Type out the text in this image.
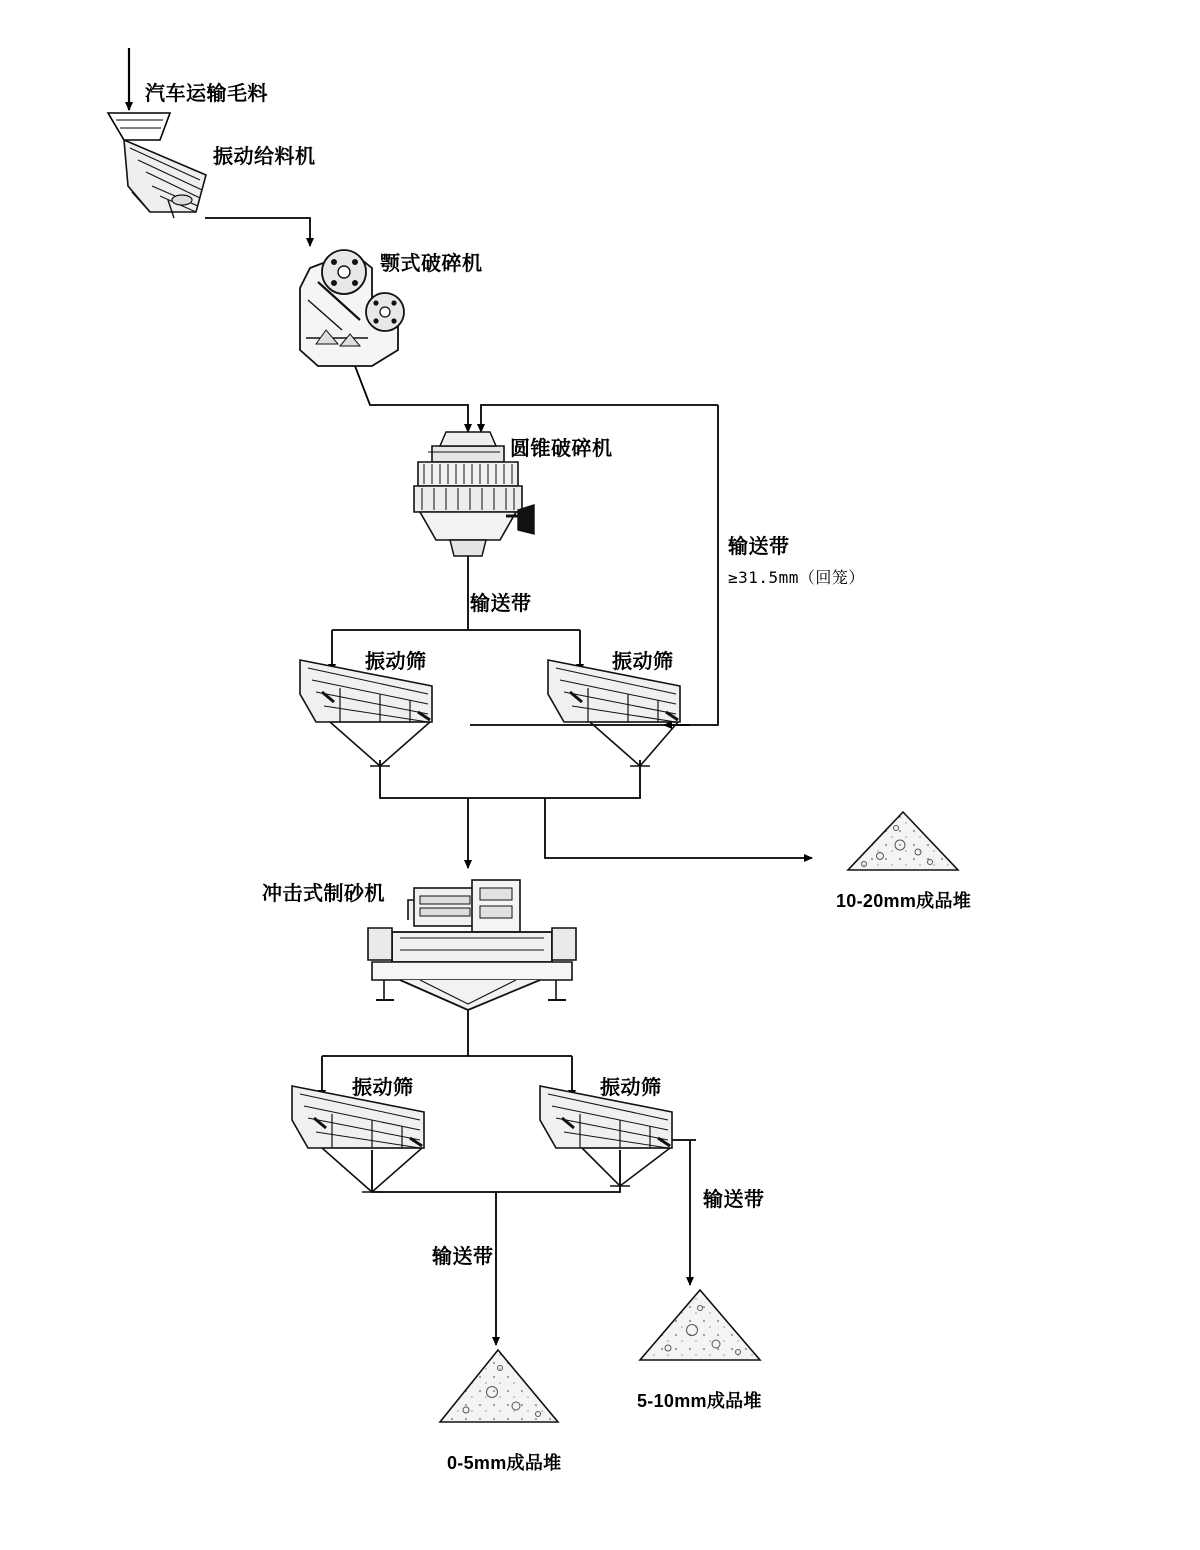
汽车运输毛料
振动给料机
颚式破碎机
圆锥破碎机
输送带
≥31.5mm（回笼）
输送带
振动筛	振动筛
冲击式制砂机
振动筛	振动筛
输送带
输送带
10-20mm成品堆
5-10mm成品堆
0-5mm成品堆
